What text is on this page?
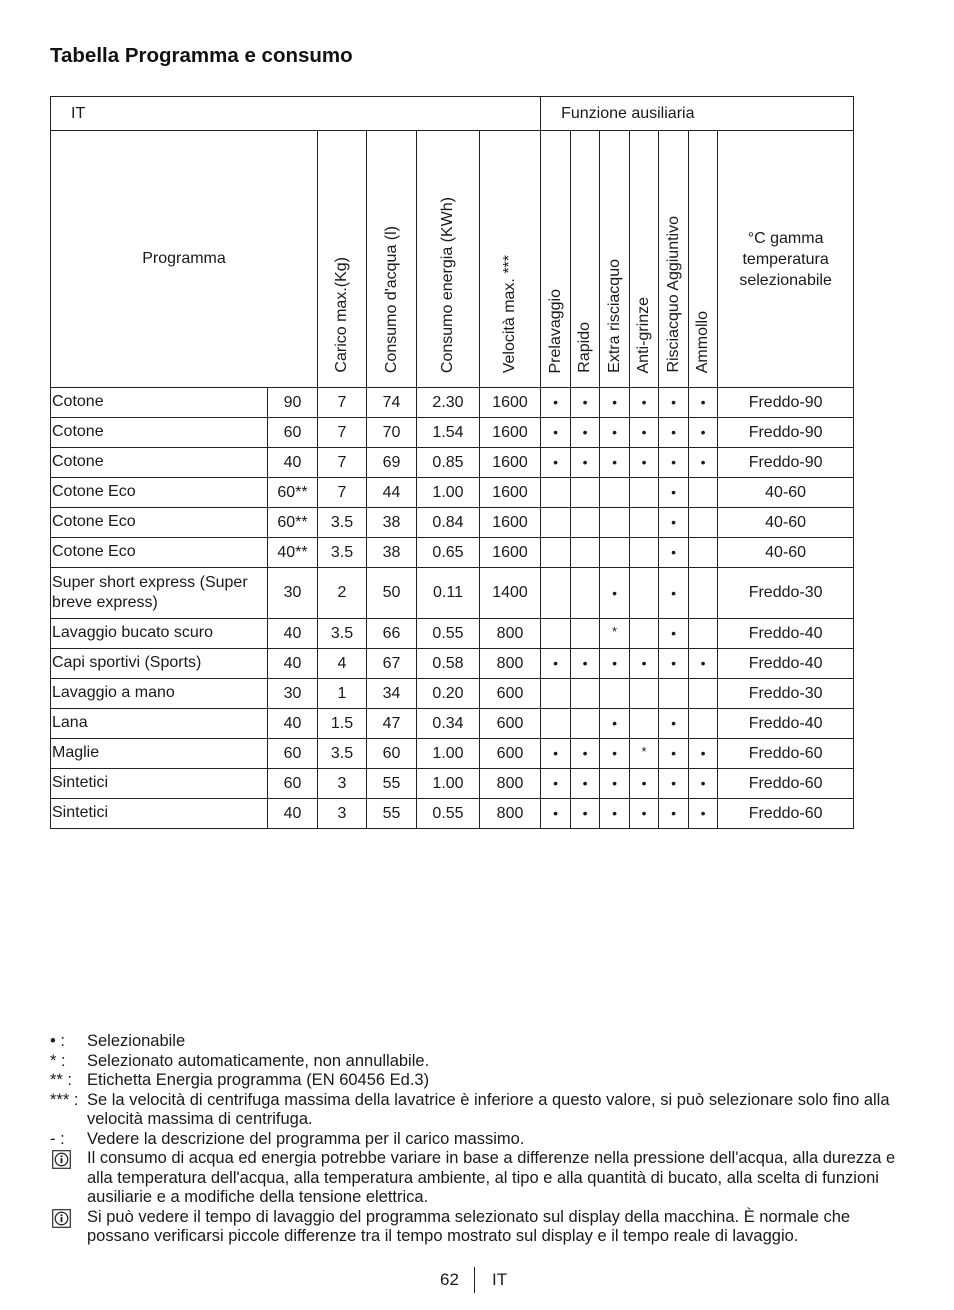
Tabella Programma e consumo
IT						Funzione ausiliaria						
Programma		Carico max.(Kg)	Consumo d'acqua (l)	Consumo energia (KWh)	Velocità max. ***	Prelavaggio	Rapido	Extra risciacquo	Anti-grinze	Risciacquo Aggiuntivo	Ammollo	°C gamma temperatura selezionabile
Cotone	90	7	74	2.30	1600	•	•	•	•	•	•	Freddo-90
Cotone	60	7	70	1.54	1600	•	•	•	•	•	•	Freddo-90
Cotone	40	7	69	0.85	1600	•	•	•	•	•	•	Freddo-90
Cotone Eco	60**	7	44	1.00	1600					•		40-60
Cotone Eco	60**	3.5	38	0.84	1600					•		40-60
Cotone Eco	40**	3.5	38	0.65	1600					•		40-60
Super short express (Super breve express)	30	2	50	0.11	1400			•		•		Freddo-30
Lavaggio bucato scuro	40	3.5	66	0.55	800			*		•		Freddo-40
Capi sportivi (Sports)	40	4	67	0.58	800	•	•	•	•	•	•	Freddo-40
Lavaggio a mano	30	1	34	0.20	600							Freddo-30
Lana	40	1.5	47	0.34	600			•		•		Freddo-40
Maglie	60	3.5	60	1.00	600	•	•	•	*	•	•	Freddo-60
Sintetici	60	3	55	1.00	800	•	•	•	•	•	•	Freddo-60
Sintetici	40	3	55	0.55	800	•	•	•	•	•	•	Freddo-60
• : Selezionabile
* : Selezionato automaticamente, non annullabile.
** : Etichetta Energia programma (EN 60456 Ed.3)
*** : Se la velocità di centrifuga massima della lavatrice è inferiore a questo valore, si può selezionare solo fino alla velocità massima di centrifuga.
- : Vedere la descrizione del programma per il carico massimo.
Il consumo di acqua ed energia potrebbe variare in base a differenze nella pressione dell'acqua, alla durezza e alla temperatura dell'acqua, alla temperatura ambiente, al tipo e alla quantità di bucato, alla scelta di funzioni ausiliarie e a modifiche della tensione elettrica.
Si può vedere il tempo di lavaggio del programma selezionato sul display della macchina. È normale che possano verificarsi piccole differenze tra il tempo mostrato sul display e il tempo reale di lavaggio.
62 IT
